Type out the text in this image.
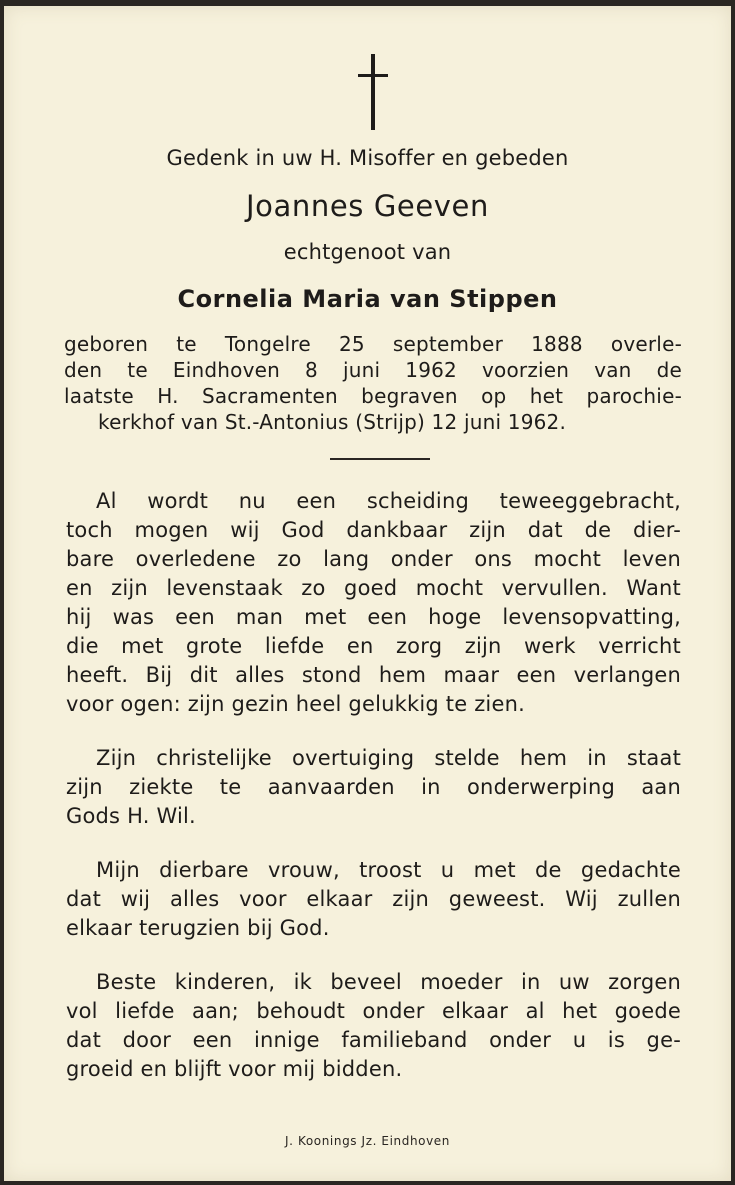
Gedenk in uw H. Misoffer en gebeden
Joannes Geeven
echtgenoot van
Cornelia Maria van Stippen
geboren te Tongelre 25 september 1888 overle-
den te Eindhoven 8 juni 1962 voorzien van de
laatste H. Sacramenten begraven op het parochie-
kerkhof van St.-Antonius (Strijp) 12 juni 1962.
Al wordt nu een scheiding teweeggebracht,
toch mogen wij God dankbaar zijn dat de dier-
bare overledene zo lang onder ons mocht leven
en zijn levenstaak zo goed mocht vervullen. Want
hij was een man met een hoge levensopvatting,
die met grote liefde en zorg zijn werk verricht
heeft. Bij dit alles stond hem maar een verlangen
voor ogen: zijn gezin heel gelukkig te zien.
Zijn christelijke overtuiging stelde hem in staat
zijn ziekte te aanvaarden in onderwerping aan
Gods H. Wil.
Mijn dierbare vrouw, troost u met de gedachte
dat wij alles voor elkaar zijn geweest. Wij zullen
elkaar terugzien bij God.
Beste kinderen, ik beveel moeder in uw zorgen
vol liefde aan; behoudt onder elkaar al het goede
dat door een innige familieband onder u is ge-
groeid en blijft voor mij bidden.
J. Koonings Jz. Eindhoven
